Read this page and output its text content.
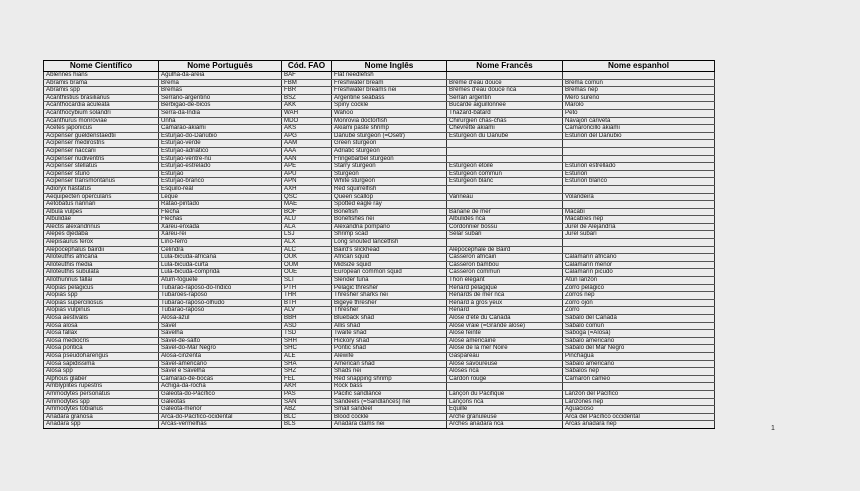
Nome Científico	Nome Português	Cód. FAO	Nome Inglês	Nome Francês	Nome espanhol
Ablennes hians	Agulha-da-areia	BAF	Flat needlefish		
Abramis brama	Brema	FBM	Freshwater bream	Brème d'eau douce	Brema común
Abramis spp	Bremas	FBR	Freshwater breams nei	Brèmes d'eau douce nca	Bremas nep
Acanthistius brasilianus	Serrano-argentino	BSZ	Argentine seabass	Serran argentin	Mero sureño
Acanthocardia aculeata	Berbigão-de-bicos	AKK	Spiny cockle	Bucarde aiguillonnee	Marolo
Acanthocybium solandri	Serra-da-Índia	WAH	Wahoo	Thazard-bâtard	Peto
Acanthurus monroviae	Unha	MDO	Monrovia doctorfish	Chirurgien chas-chas	Navajón cariveta
Acetes japonicus	Camarão-akiami	AKS	Akiami paste shrimp	Chevrette akiami	Camaroncillo akiami
Acipenser gueldenstaedtii	Esturjão-do-Danúbio	APG	Danube sturgeon (=Osetr)	Esturgeon du Danube	Esturión del Danubio
Acipenser medirostris	Esturjão-verde	AAM	Green sturgeon		
Acipenser naccarii	Esturjão-adriático	AAA	Adriatic sturgeon		
Acipenser nudiventris	Esturjão-ventre-nú	AAN	Fringebarbel sturgeon		
Acipenser stellatus	Esturjão-estrelado	APE	Starry sturgeon	Esturgeon étoilé	Esturión estrellado
Acipenser sturio	Esturjão	APU	Sturgeon	Esturgeon commun	Esturión
Acipenser transmontanus	Esturjão-branco	APN	White sturgeon	Esturgeon blanc	Esturión blanco
Adioryx hastatus	Esquilo-real	AXH	Red squirrelfish		
Aequipecten opercularis	Leque	QSC	Queen scallop	Vanneau	Volandeira
Aetobatus narinari	Ratão-pintado	MAE	Spotted eagle ray		
Albula vulpes	Flecha	BOF	Bonefish	Banane de mer	Macabí
Albulidae	Flechas	ALU	Bonefishes nei	Albulidés nca	Macabíes nep
Alectis alexandrinus	Xareu-enxada	ALA	Alexandria pompano	Cordonnier bossu	Jurel de Alejandría
Alepes djedaba	Xareu-rei	LSJ	Shrimp scad	Sélar subari	Jurel subarí
Alepisaurus ferox	Lírio-ferro	ALX	Long snouted lancetfish		
Alepocephalus bairdii	Celindra	ALC	Baird's slickhead	Alépocéphale de Baird	
Alloteuthis africana	Lula-bicuda-africana	OUK	African squid	Casseron africain	Calamarín africano
Alloteuthis media	Lula-bicuda-curta	OUM	Midsize squid	Casseron bambou	Calamarín menor
Alloteuthis subulata	Lula-bicuda-comprida	OUE	European common squid	Casseron commun	Calamarín picudo
Allothunnus fallai	Atum-foguete	SLT	Slender tuna	Thon élégant	Atún lanzón
Alopias pelagicus	Tubarão-raposo-do-Índico	PTH	Pelagic thresher	Renard pélagique	Zorro pelágico
Alopias spp	Tubarões-raposo	THR	Thresher sharks nei	Renards de mer nca	Zorros nep
Alopias superciliosus	Tubarão-raposo-olhudo	BTH	Bigeye thresher	Renard à gros yeux	Zorro ojón
Alopias vulpinus	Tubarão-raposo	ALV	Thresher	Renard	Zorro
Alosa aestivalis	Alosa-azul	BBH	Blueback shad	Alose d'été du Canada	Sábalo del Canadá
Alosa alosa	Sável	ASD	Allis shad	Alose vraie (=Grande alose)	Sábalo común
Alosa fallax	Savelha	TSD	Twaite shad	Alose feinte	Saboga (=Alosa)
Alosa mediocris	Sável-de-salto	SHH	Hickory shad	Alose américaine	Sábalo americano
Alosa pontica	Sável-do-Mar Negro	SHC	Pontic shad	Alose de la mer Noire	Sábalo del Mar Negro
Alosa pseudoharengus	Alosa-cinzenta	ALE	Alewife	Gaspareau	Pinchagua
Alosa sapidissima	Sável-americano	SHA	American shad	Alose savoureuse	Sábalo americano
Alosa spp	Sável e Savelha	SHZ	Shads nei	Aloses nca	Sábalos nep
Alphous glaber	Camarão-de-bocas	FEL	Red snapping shrimp	Cardon rouge	Camarón cameo
Amblyplites rupestris	Achigã-da-rocha	AKR	Rock bass		
Ammodytes personatus	Galeota-do-Pacífico	PAS	Pacific sandlance	Lançon du Pacifique	Lanzón del Pacífico
Ammodytes spp	Galeotas	SAN	Sandeels (=Sandlances) nei	Lançons nca	Lanzones nep
Ammodytes tobianus	Galeota-menor	ABZ	Small sandeel	Equille	Aguacioso
Anadara granosa	Arca-do-Pacífico-ocidental	BLC	Blood cockle	Arche granuleuse	Arca del Pacífico occidental
Anadara spp	Arcas-vermelhas	BLS	Anadara clams nei	Arches anadara nca	Arcas anadara nep
1
